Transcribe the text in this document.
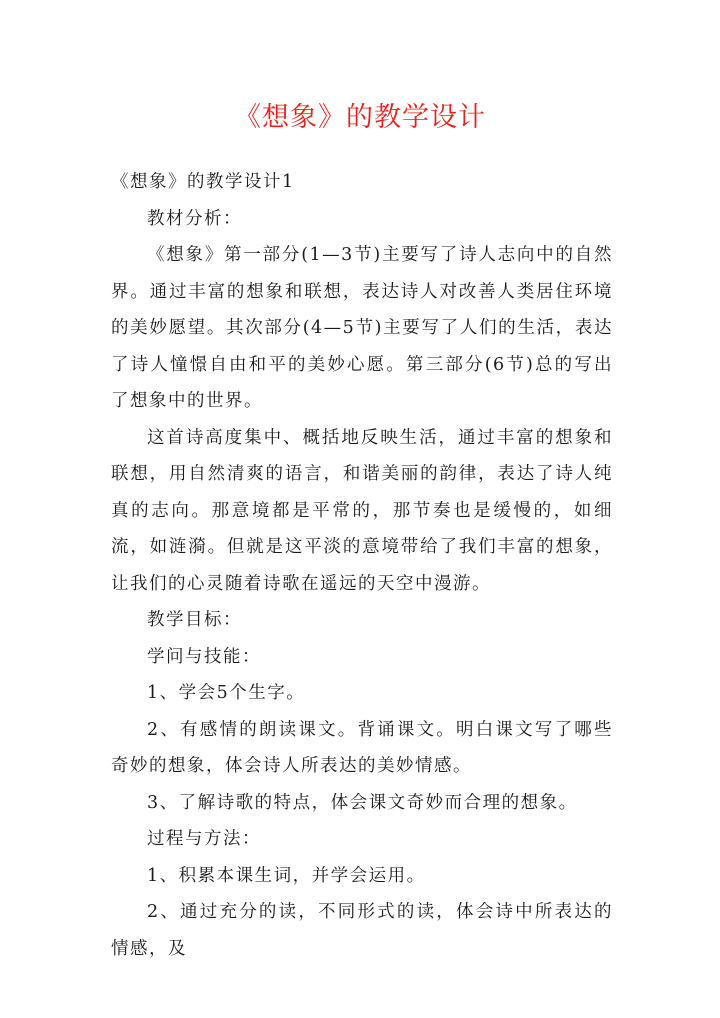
《想象》的教学设计

《想象》的教学设计1

教材分析：

《想象》第一部分(1—3节)主要写了诗人志向中的自然界。通过丰富的想象和联想，表达诗人对改善人类居住环境的美妙愿望。其次部分(4—5节)主要写了人们的生活，表达了诗人憧憬自由和平的美妙心愿。第三部分(6节)总的写出了想象中的世界。

这首诗高度集中、概括地反映生活，通过丰富的想象和联想，用自然清爽的语言，和谐美丽的韵律，表达了诗人纯真的志向。那意境都是平常的，那节奏也是缓慢的，如细流，如涟漪。但就是这平淡的意境带给了我们丰富的想象，让我们的心灵随着诗歌在遥远的天空中漫游。

教学目标：

学问与技能：

1、学会5个生字。

2、有感情的朗读课文。背诵课文。明白课文写了哪些奇妙的想象，体会诗人所表达的美妙情感。

3、了解诗歌的特点，体会课文奇妙而合理的想象。

过程与方法：

1、积累本课生词，并学会运用。

2、通过充分的读，不同形式的读，体会诗中所表达的情感，及
